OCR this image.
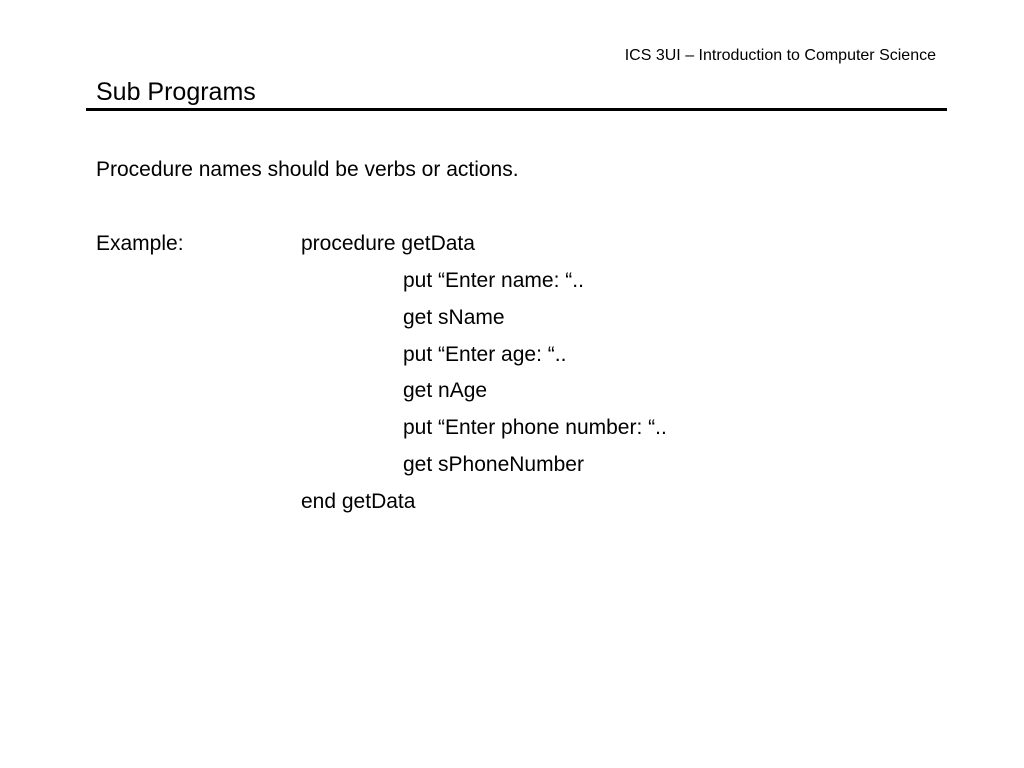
ICS 3UI – Introduction to Computer Science
Sub Programs
Procedure names should be verbs or actions.
Example:	procedure getData
put “Enter name: “..
get sName
put “Enter age: “..
get nAge
put “Enter phone number: “..
get sPhoneNumber
end getData
